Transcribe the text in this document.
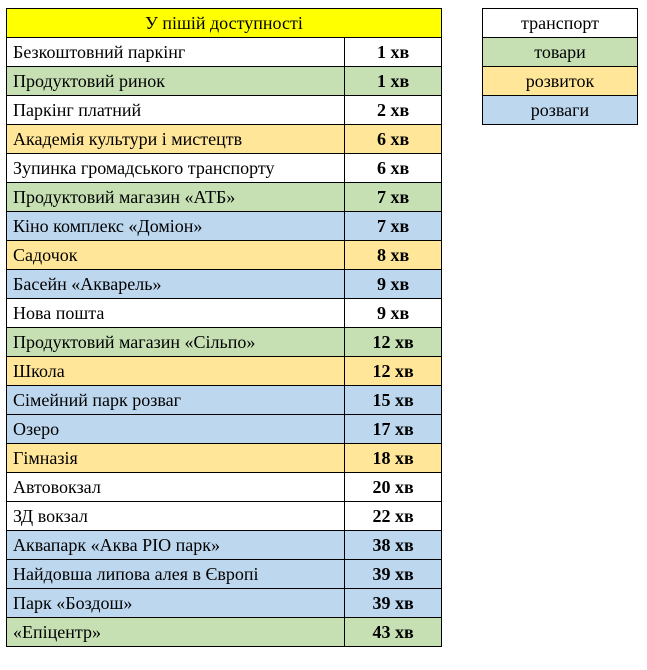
У пішій доступності	
Безкоштовний паркінг	1 хв
Продуктовий ринок	1 хв
Паркінг платний	2 хв
Академія культури і мистецтв	6 хв
Зупинка громадського транспорту	6 хв
Продуктовий магазин «АТБ»	7 хв
Кіно комплекс «Доміон»	7 хв
Садочок	8 хв
Басейн «Акварель»	9 хв
Нова пошта	9 хв
Продуктовий магазин «Сільпо»	12 хв
Школа	12 хв
Сімейний парк розваг	15 хв
Озеро	17 хв
Гімназія	18 хв
Автовокзал	20 хв
ЗД вокзал	22 хв
Аквапарк «Аква РІО парк»	38 хв
Найдовша липова алея в Європі	39 хв
Парк «Боздош»	39 хв
«Епіцентр»	43 хв
транспорт
товари
розвиток
розваги
